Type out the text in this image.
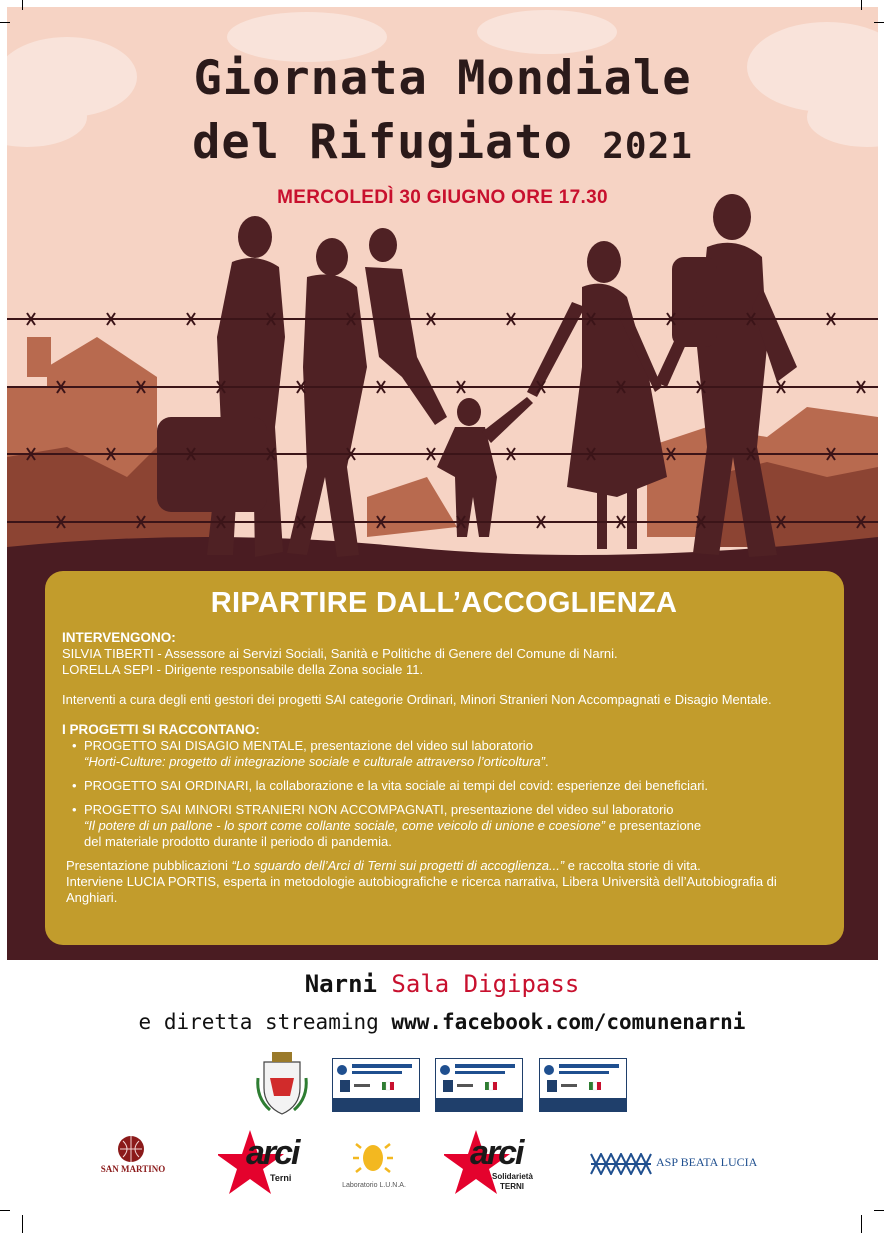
Giornata Mondiale
del Rifugiato 2021
MERCOLEDÌ 30 GIUGNO ORE 17.30
RIPARTIRE DALL’ACCOGLIENZA

INTERVENGONO:

SILVIA TIBERTI - Assessore ai Servizi Sociali, Sanità e Politiche di Genere del Comune di Narni.

LORELLA SEPI - Dirigente responsabile della Zona sociale 11.

Interventi a cura degli enti gestori dei progetti SAI categorie Ordinari, Minori Stranieri Non Accompagnati e Disagio Mentale.

I PROGETTI SI RACCONTANO:

• PROGETTO SAI DISAGIO MENTALE, presentazione del video sul laboratorio
“Horti-Culture: progetto di integrazione sociale e culturale attraverso l’orticoltura”.
• PROGETTO SAI ORDINARI, la collaborazione e la vita sociale ai tempi del covid: esperienze dei beneficiari.
• PROGETTO SAI MINORI STRANIERI NON ACCOMPAGNATI, presentazione del video sul laboratorio
“Il potere di un pallone - lo sport come collante sociale, come veicolo di unione e coesione” e presentazione
del materiale prodotto durante il periodo di pandemia.

Presentazione pubblicazioni “Lo sguardo dell’Arci di Terni sui progetti di accoglienza...” e raccolta storie di vita.

Interviene LUCIA PORTIS, esperta in metodologie autobiografiche e ricerca narrativa, Libera Università dell’Autobiografia di Anghiari.

Narni Sala Digipass
e diretta streaming www.facebook.com/comunenarni
SAN MARTINO arci
Terni
Laboratorio L.U.N.A.
arci
Solidarietà
TERNI
ASP BEATA LUCIA
